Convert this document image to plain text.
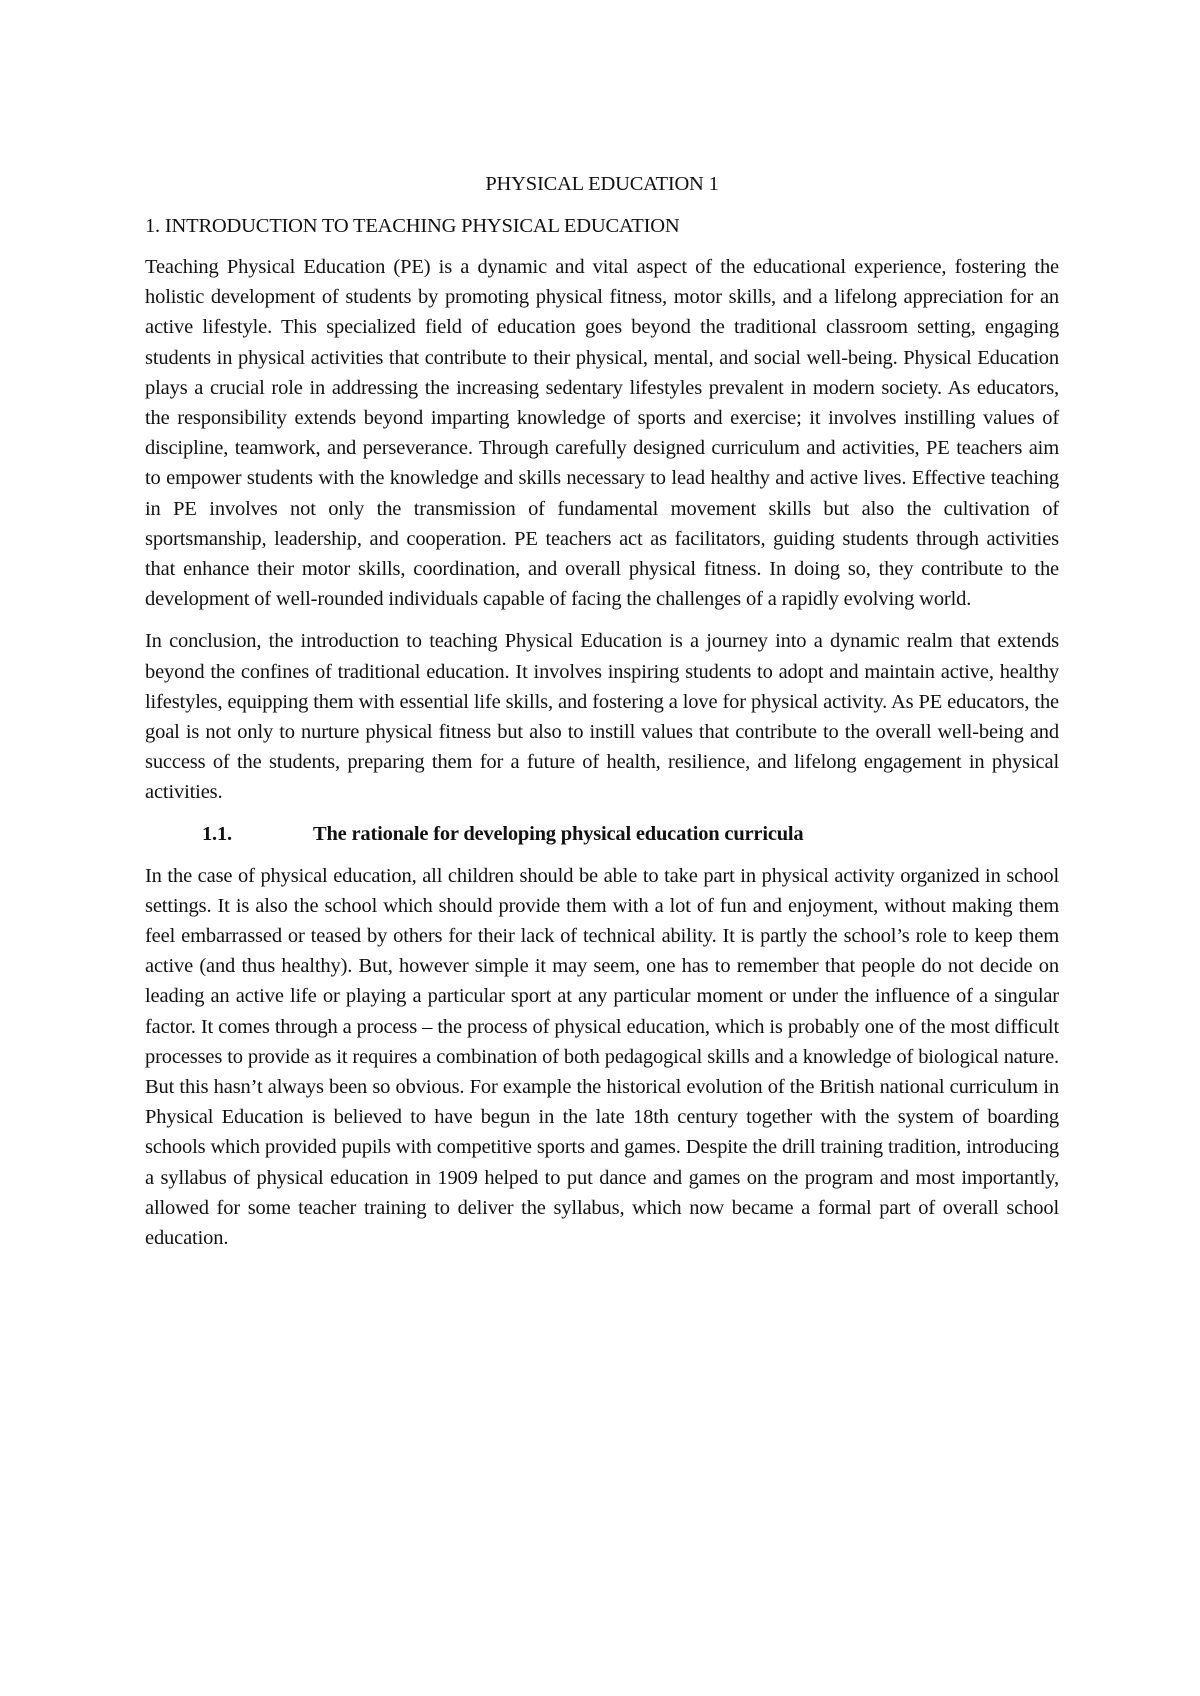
PHYSICAL EDUCATION 1
1. INTRODUCTION TO TEACHING PHYSICAL EDUCATION

Teaching Physical Education (PE) is a dynamic and vital aspect of the educational experience, fostering the holistic development of students by promoting physical fitness, motor skills, and a lifelong appreciation for an active lifestyle. This specialized field of education goes beyond the traditional classroom setting, engaging students in physical activities that contribute to their physical, mental, and social well-being. Physical Education plays a crucial role in addressing the increasing sedentary lifestyles prevalent in modern society. As educators, the responsibility extends beyond imparting knowledge of sports and exercise; it involves instilling values of discipline, teamwork, and perseverance. Through carefully designed curriculum and activities, PE teachers aim to empower students with the knowledge and skills necessary to lead healthy and active lives. Effective teaching in PE involves not only the transmission of fundamental movement skills but also the cultivation of sportsmanship, leadership, and cooperation. PE teachers act as facilitators, guiding students through activities that enhance their motor skills, coordination, and overall physical fitness. In doing so, they contribute to the development of well-rounded individuals capable of facing the challenges of a rapidly evolving world.

In conclusion, the introduction to teaching Physical Education is a journey into a dynamic realm that extends beyond the confines of traditional education. It involves inspiring students to adopt and maintain active, healthy lifestyles, equipping them with essential life skills, and fostering a love for physical activity. As PE educators, the goal is not only to nurture physical fitness but also to instill values that contribute to the overall well-being and success of the students, preparing them for a future of health, resilience, and lifelong engagement in physical activities.

1.1.	The rationale for developing physical education curricula

In the case of physical education, all children should be able to take part in physical activity organized in school settings. It is also the school which should provide them with a lot of fun and enjoyment, without making them feel embarrassed or teased by others for their lack of technical ability. It is partly the school’s role to keep them active (and thus healthy). But, however simple it may seem, one has to remember that people do not decide on leading an active life or playing a particular sport at any particular moment or under the influence of a singular factor. It comes through a process – the process of physical education, which is probably one of the most difficult processes to provide as it requires a combination of both pedagogical skills and a knowledge of biological nature. But this hasn’t always been so obvious. For example the historical evolution of the British national curriculum in Physical Education is believed to have begun in the late 18th century together with the system of boarding schools which provided pupils with competitive sports and games. Despite the drill training tradition, introducing a syllabus of physical education in 1909 helped to put dance and games on the program and most importantly, allowed for some teacher training to deliver the syllabus, which now became a formal part of overall school education.
